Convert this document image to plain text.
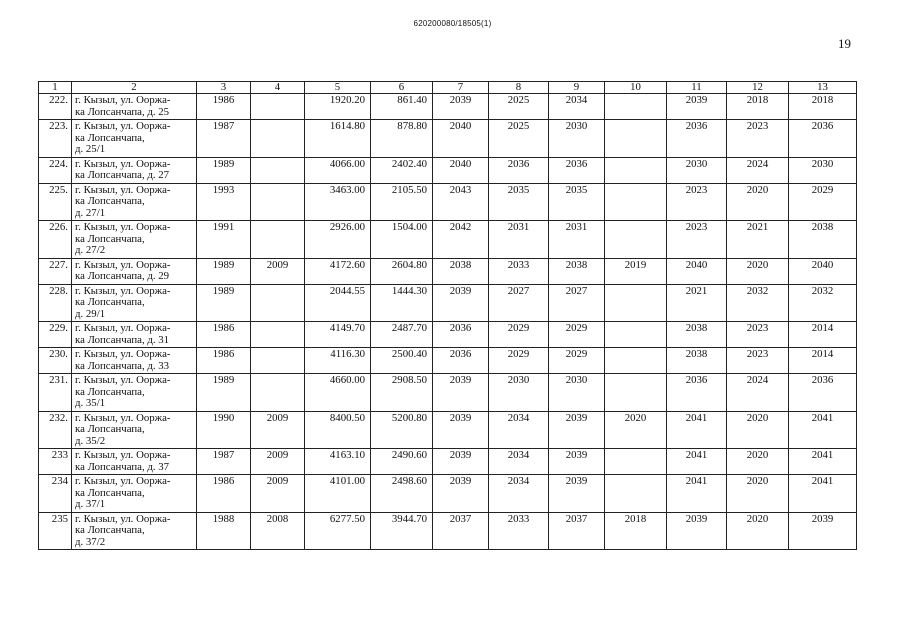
620200080/18505(1)
19
1	2	3	4	5	6	7	8	9	10	11	12	13
222.	г. Кызыл, ул. Ооржа-
ка Лопсанчапа, д. 25	1986		1920.20	861.40	2039	2025	2034		2039	2018	2018
223.	г. Кызыл, ул. Ооржа-
ка Лопсанчапа,
д. 25/1	1987		1614.80	878.80	2040	2025	2030		2036	2023	2036
224.	г. Кызыл, ул. Ооржа-
ка Лопсанчапа, д. 27	1989		4066.00	2402.40	2040	2036	2036		2030	2024	2030
225.	г. Кызыл, ул. Ооржа-
ка Лопсанчапа,
д. 27/1	1993		3463.00	2105.50	2043	2035	2035		2023	2020	2029
226.	г. Кызыл, ул. Ооржа-
ка Лопсанчапа,
д. 27/2	1991		2926.00	1504.00	2042	2031	2031		2023	2021	2038
227.	г. Кызыл, ул. Ооржа-
ка Лопсанчапа, д. 29	1989	2009	4172.60	2604.80	2038	2033	2038	2019	2040	2020	2040
228.	г. Кызыл, ул. Ооржа-
ка Лопсанчапа,
д. 29/1	1989		2044.55	1444.30	2039	2027	2027		2021	2032	2032
229.	г. Кызыл, ул. Ооржа-
ка Лопсанчапа, д. 31	1986		4149.70	2487.70	2036	2029	2029		2038	2023	2014
230.	г. Кызыл, ул. Ооржа-
ка Лопсанчапа, д. 33	1986		4116.30	2500.40	2036	2029	2029		2038	2023	2014
231.	г. Кызыл, ул. Ооржа-
ка Лопсанчапа,
д. 35/1	1989		4660.00	2908.50	2039	2030	2030		2036	2024	2036
232.	г. Кызыл, ул. Ооржа-
ка Лопсанчапа,
д. 35/2	1990	2009	8400.50	5200.80	2039	2034	2039	2020	2041	2020	2041
233	г. Кызыл, ул. Ооржа-
ка Лопсанчапа, д. 37	1987	2009	4163.10	2490.60	2039	2034	2039		2041	2020	2041
234	г. Кызыл, ул. Ооржа-
ка Лопсанчапа,
д. 37/1	1986	2009	4101.00	2498.60	2039	2034	2039		2041	2020	2041
235	г. Кызыл, ул. Ооржа-
ка Лопсанчапа,
д. 37/2	1988	2008	6277.50	3944.70	2037	2033	2037	2018	2039	2020	2039
